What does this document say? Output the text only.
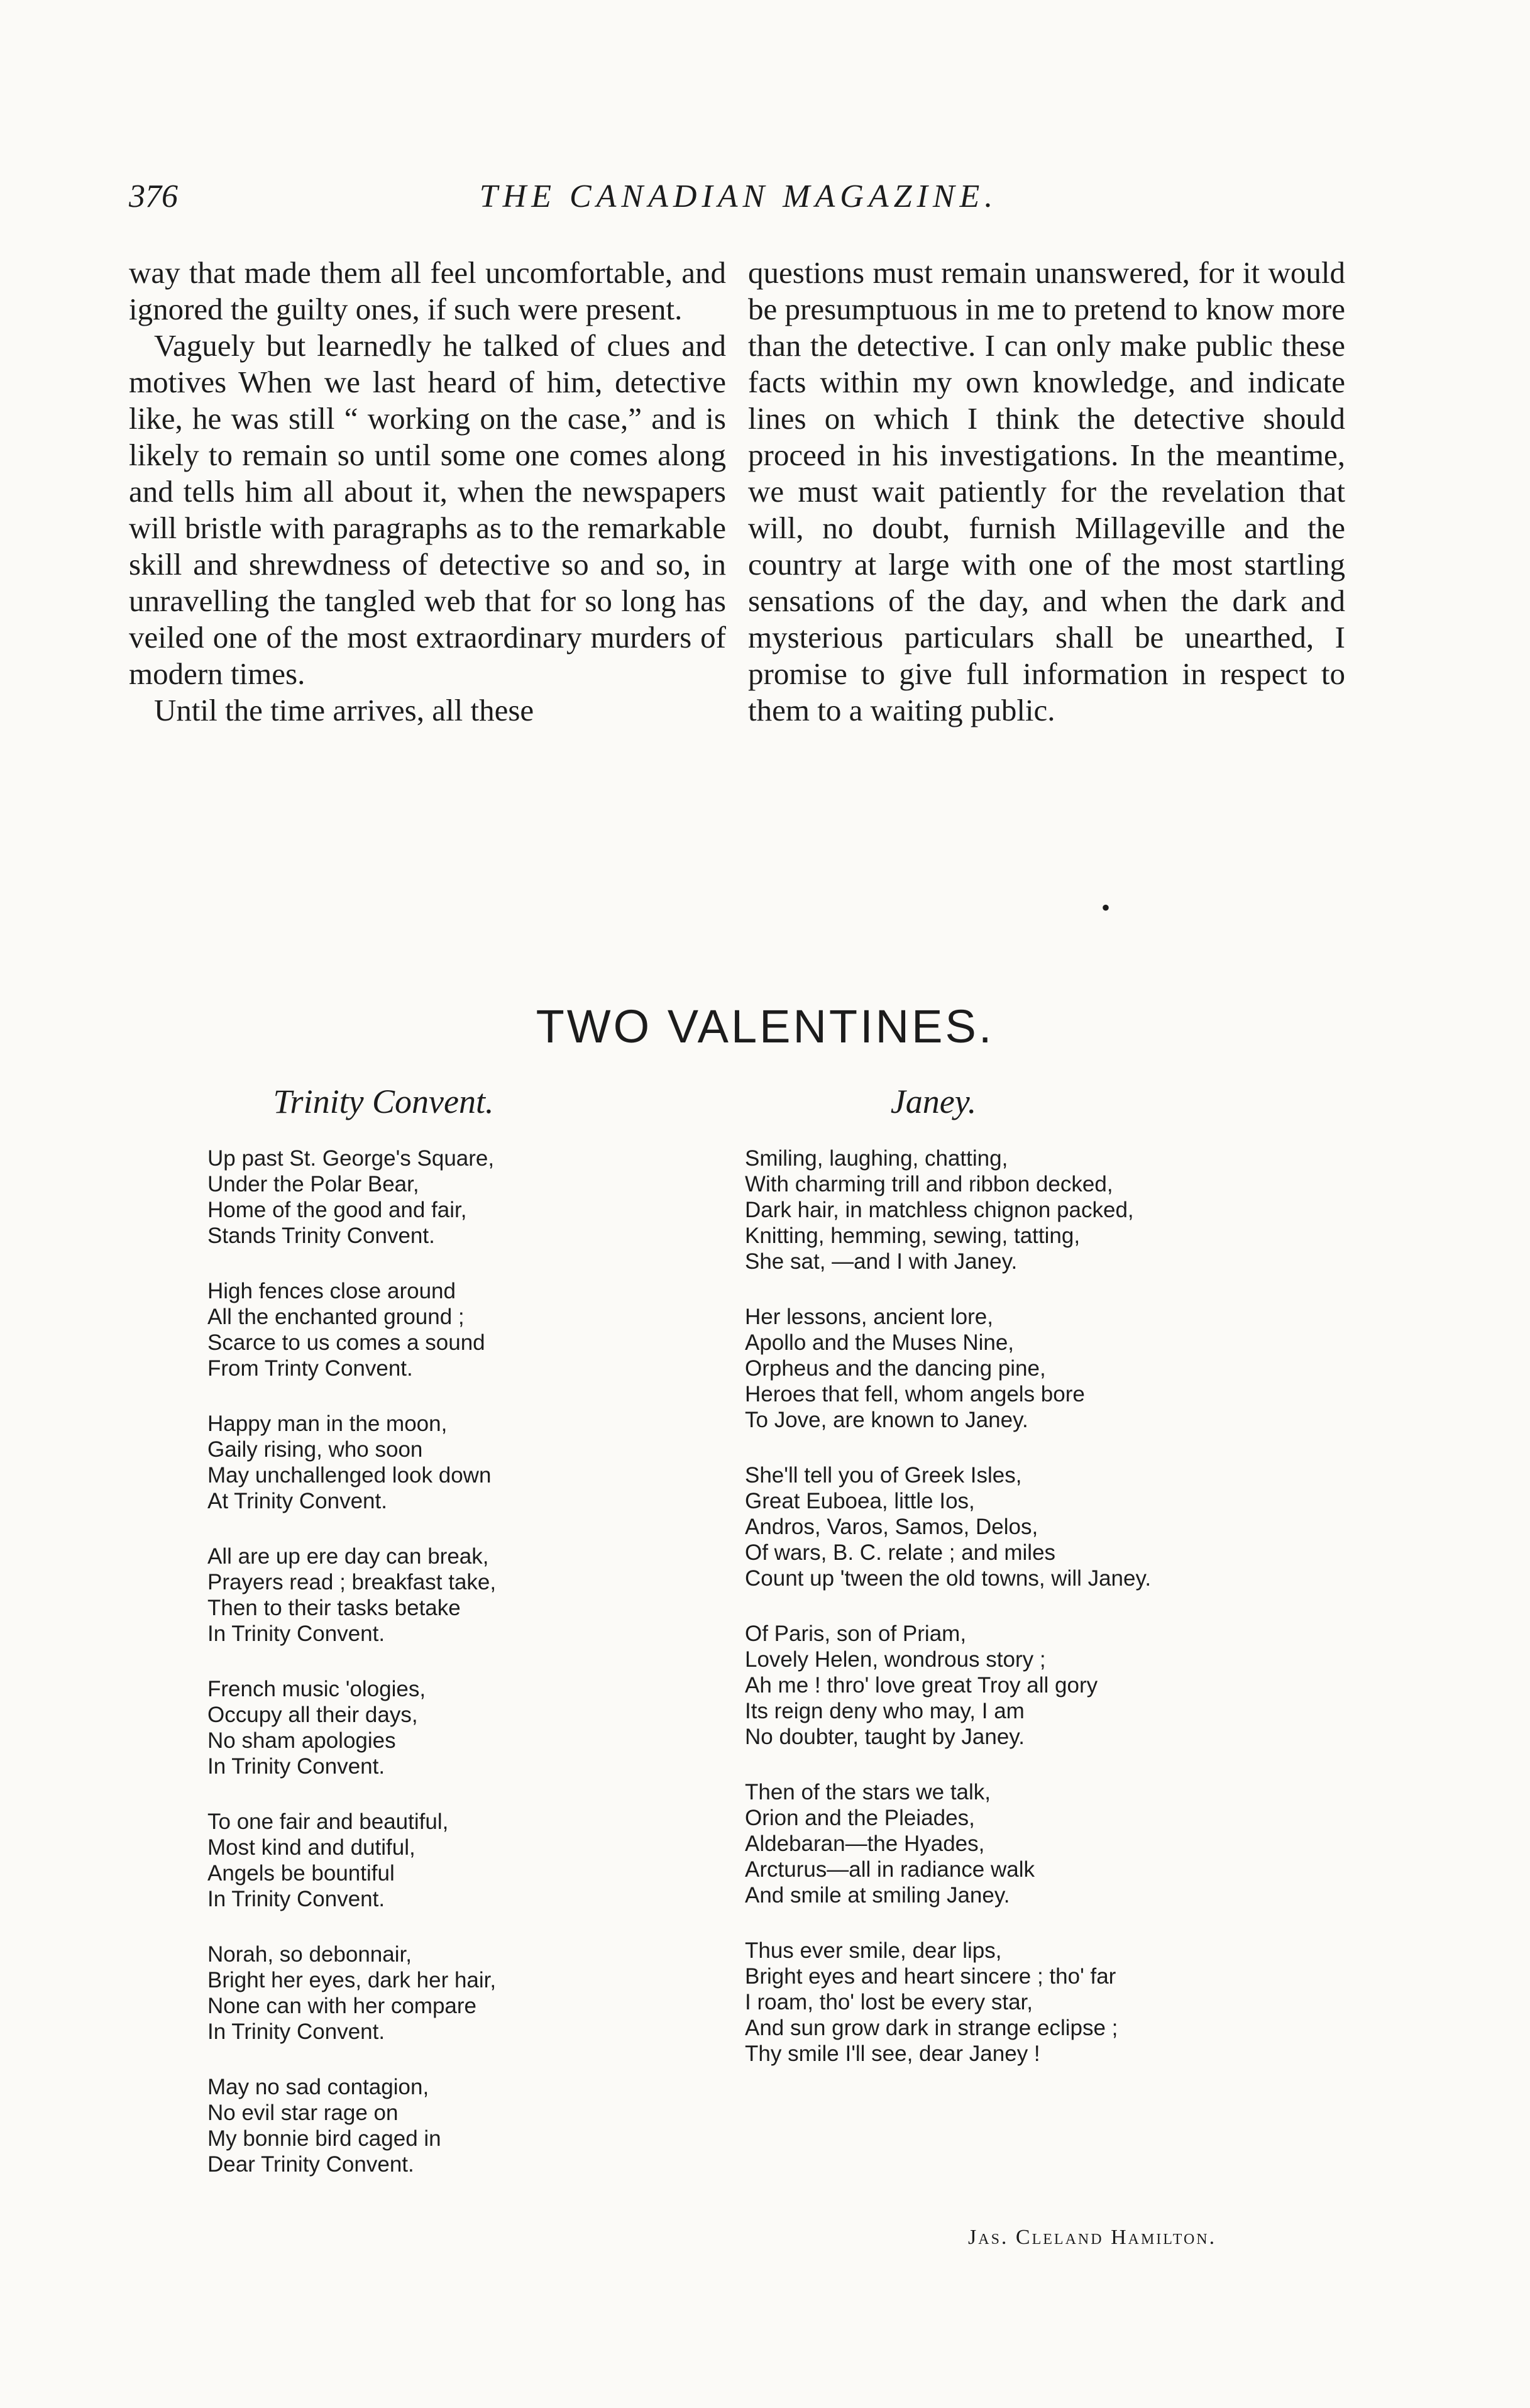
376	THE CANADIAN MAGAZINE.

way that made them all feel uncomfortable, and ignored the guilty ones, if such were present.

Vaguely but learnedly he talked of clues and motives When we last heard of him, detective like, he was still “ working on the case,” and is likely to remain so until some one comes along and tells him all about it, when the newspapers will bristle with paragraphs as to the remarkable skill and shrewdness of detective so and so, in unravelling the tangled web that for so long has veiled one of the most extraordinary murders of modern times.

Until the time arrives, all these

questions must remain unanswered, for it would be presumptuous in me to pretend to know more than the detective. I can only make public these facts within my own knowledge, and indicate lines on which I think the detective should proceed in his investigations. In the meantime, we must wait patiently for the revelation that will, no doubt, furnish Millageville and the country at large with one of the most startling sensations of the day, and when the dark and mysterious particulars shall be unearthed, I promise to give full information in respect to them to a waiting public.

•
TWO VALENTINES.
Trinity Convent.
Up past St. George's Square,
Under the Polar Bear,
Home of the good and fair,
Stands Trinity Convent.
High fences close around
All the enchanted ground ;
Scarce to us comes a sound
From Trinty Convent.
Happy man in the moon,
Gaily rising, who soon
May unchallenged look down
At Trinity Convent.
All are up ere day can break,
Prayers read ; breakfast take,
Then to their tasks betake
In Trinity Convent.
French music 'ologies,
Occupy all their days,
No sham apologies
In Trinity Convent.
To one fair and beautiful,
Most kind and dutiful,
Angels be bountiful
In Trinity Convent.
Norah, so debonnair,
Bright her eyes, dark her hair,
None can with her compare
In Trinity Convent.
May no sad contagion,
No evil star rage on
My bonnie bird caged in
Dear Trinity Convent.
Janey.
Smiling, laughing, chatting,
With charming trill and ribbon decked,
Dark hair, in matchless chignon packed,
Knitting, hemming, sewing, tatting,
She sat, —and I with Janey.
Her lessons, ancient lore,
Apollo and the Muses Nine,
Orpheus and the dancing pine,
Heroes that fell, whom angels bore
To Jove, are known to Janey.
She'll tell you of Greek Isles,
Great Euboea, little Ios,
Andros, Varos, Samos, Delos,
Of wars, B. C. relate ; and miles
Count up 'tween the old towns, will Janey.
Of Paris, son of Priam,
Lovely Helen, wondrous story ;
Ah me ! thro' love great Troy all gory
Its reign deny who may, I am
No doubter, taught by Janey.
Then of the stars we talk,
Orion and the Pleiades,
Aldebaran—the Hyades,
Arcturus—all in radiance walk
And smile at smiling Janey.
Thus ever smile, dear lips,
Bright eyes and heart sincere ; tho' far
I roam, tho' lost be every star,
And sun grow dark in strange eclipse ;
Thy smile I'll see, dear Janey !
Jas. Cleland Hamilton.
